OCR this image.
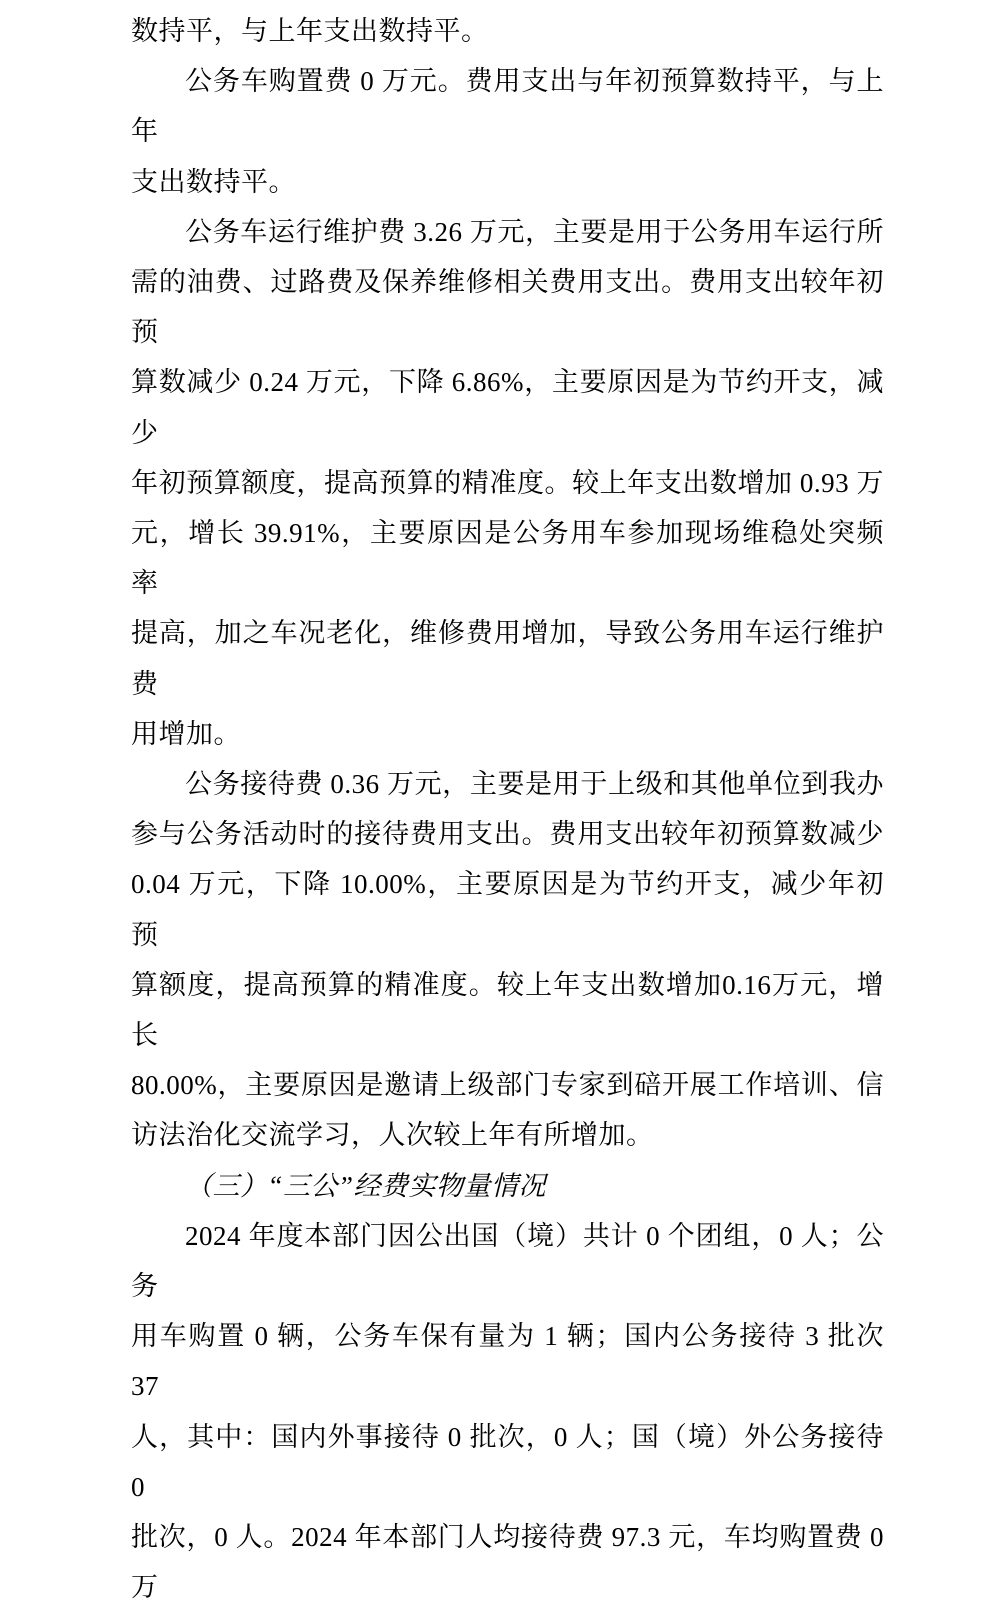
数持平，与上年支出数持平。
公务车购置费 0 万元。费用支出与年初预算数持平，与上年
支出数持平。
公务车运行维护费 3.26 万元，主要是用于公务用车运行所
需的油费、过路费及保养维修相关费用支出。费用支出较年初预
算数减少 0.24 万元，下降 6.86%，主要原因是为节约开支，减少
年初预算额度，提高预算的精准度。较上年支出数增加 0.93 万
元，增长 39.91%，主要原因是公务用车参加现场维稳处突频率
提高，加之车况老化，维修费用增加，导致公务用车运行维护费
用增加。
公务接待费 0.36 万元，主要是用于上级和其他单位到我办
参与公务活动时的接待费用支出。费用支出较年初预算数减少
0.04 万元，下降 10.00%，主要原因是为节约开支，减少年初预
算额度，提高预算的精准度。较上年支出数增加0.16万元，增长
80.00%，主要原因是邀请上级部门专家到碚开展工作培训、信
访法治化交流学习，人次较上年有所增加。
（三）“三公”经费实物量情况
2024 年度本部门因公出国（境）共计 0 个团组，0 人；公务
用车购置 0 辆，公务车保有量为 1 辆；国内公务接待 3 批次 37
人，其中：国内外事接待 0 批次，0 人；国（境）外公务接待 0
批次，0 人。2024 年本部门人均接待费 97.3 元，车均购置费 0 万
